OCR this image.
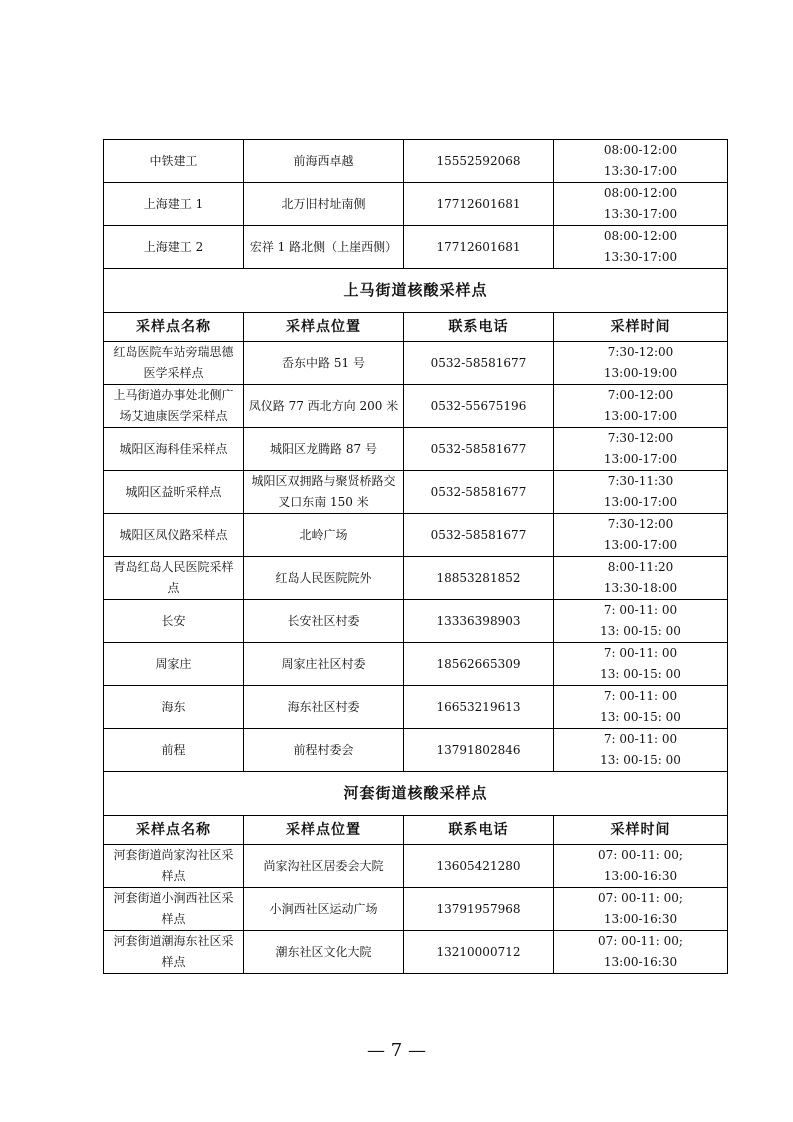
中铁建工	前海西卓越	15552592068	08:00-12:00
13:30-17:00

上海建工 1	北万旧村址南侧	17712601681	08:00-12:00
13:30-17:00

上海建工 2	宏祥 1 路北侧（上崖西侧）	17712601681	08:00-12:00
13:30-17:00

上马街道核酸采样点			
采样点名称	采样点位置	联系电话	采样时间
红岛医院车站旁瑞思德医学采样点	岙东中路 51 号	0532-58581677	7:30-12:00
13:00-19:00

上马街道办事处北侧广场艾迪康医学采样点	凤仪路 77 西北方向 200 米	0532-55675196	7:00-12:00
13:00-17:00

城阳区海科佳采样点	城阳区龙腾路 87 号	0532-58581677	7:30-12:00
13:00-17:00

城阳区益昕采样点	城阳区双拥路与聚贤桥路交叉口东南 150 米	0532-58581677	7:30-11:30
13:00-17:00

城阳区凤仪路采样点	北岭广场	0532-58581677	7:30-12:00
13:00-17:00

青岛红岛人民医院采样点	红岛人民医院院外	18853281852	8:00-11:20
13:30-18:00

长安	长安社区村委	13336398903	7: 00-11: 00
13: 00-15: 00

周家庄	周家庄社区村委	18562665309	7: 00-11: 00
13: 00-15: 00

海东	海东社区村委	16653219613	7: 00-11: 00
13: 00-15: 00

前程	前程村委会	13791802846	7: 00-11: 00
13: 00-15: 00

河套街道核酸采样点			
采样点名称	采样点位置	联系电话	采样时间
河套街道尚家沟社区采样点	尚家沟社区居委会大院	13605421280	07: 00-11: 00;
13:00-16:30

河套街道小涧西社区采样点	小涧西社区运动广场	13791957968	07: 00-11: 00;
13:00-16:30

河套街道潮海东社区采样点	潮东社区文化大院	13210000712	07: 00-11: 00;
13:00-16:30
— 7 —
